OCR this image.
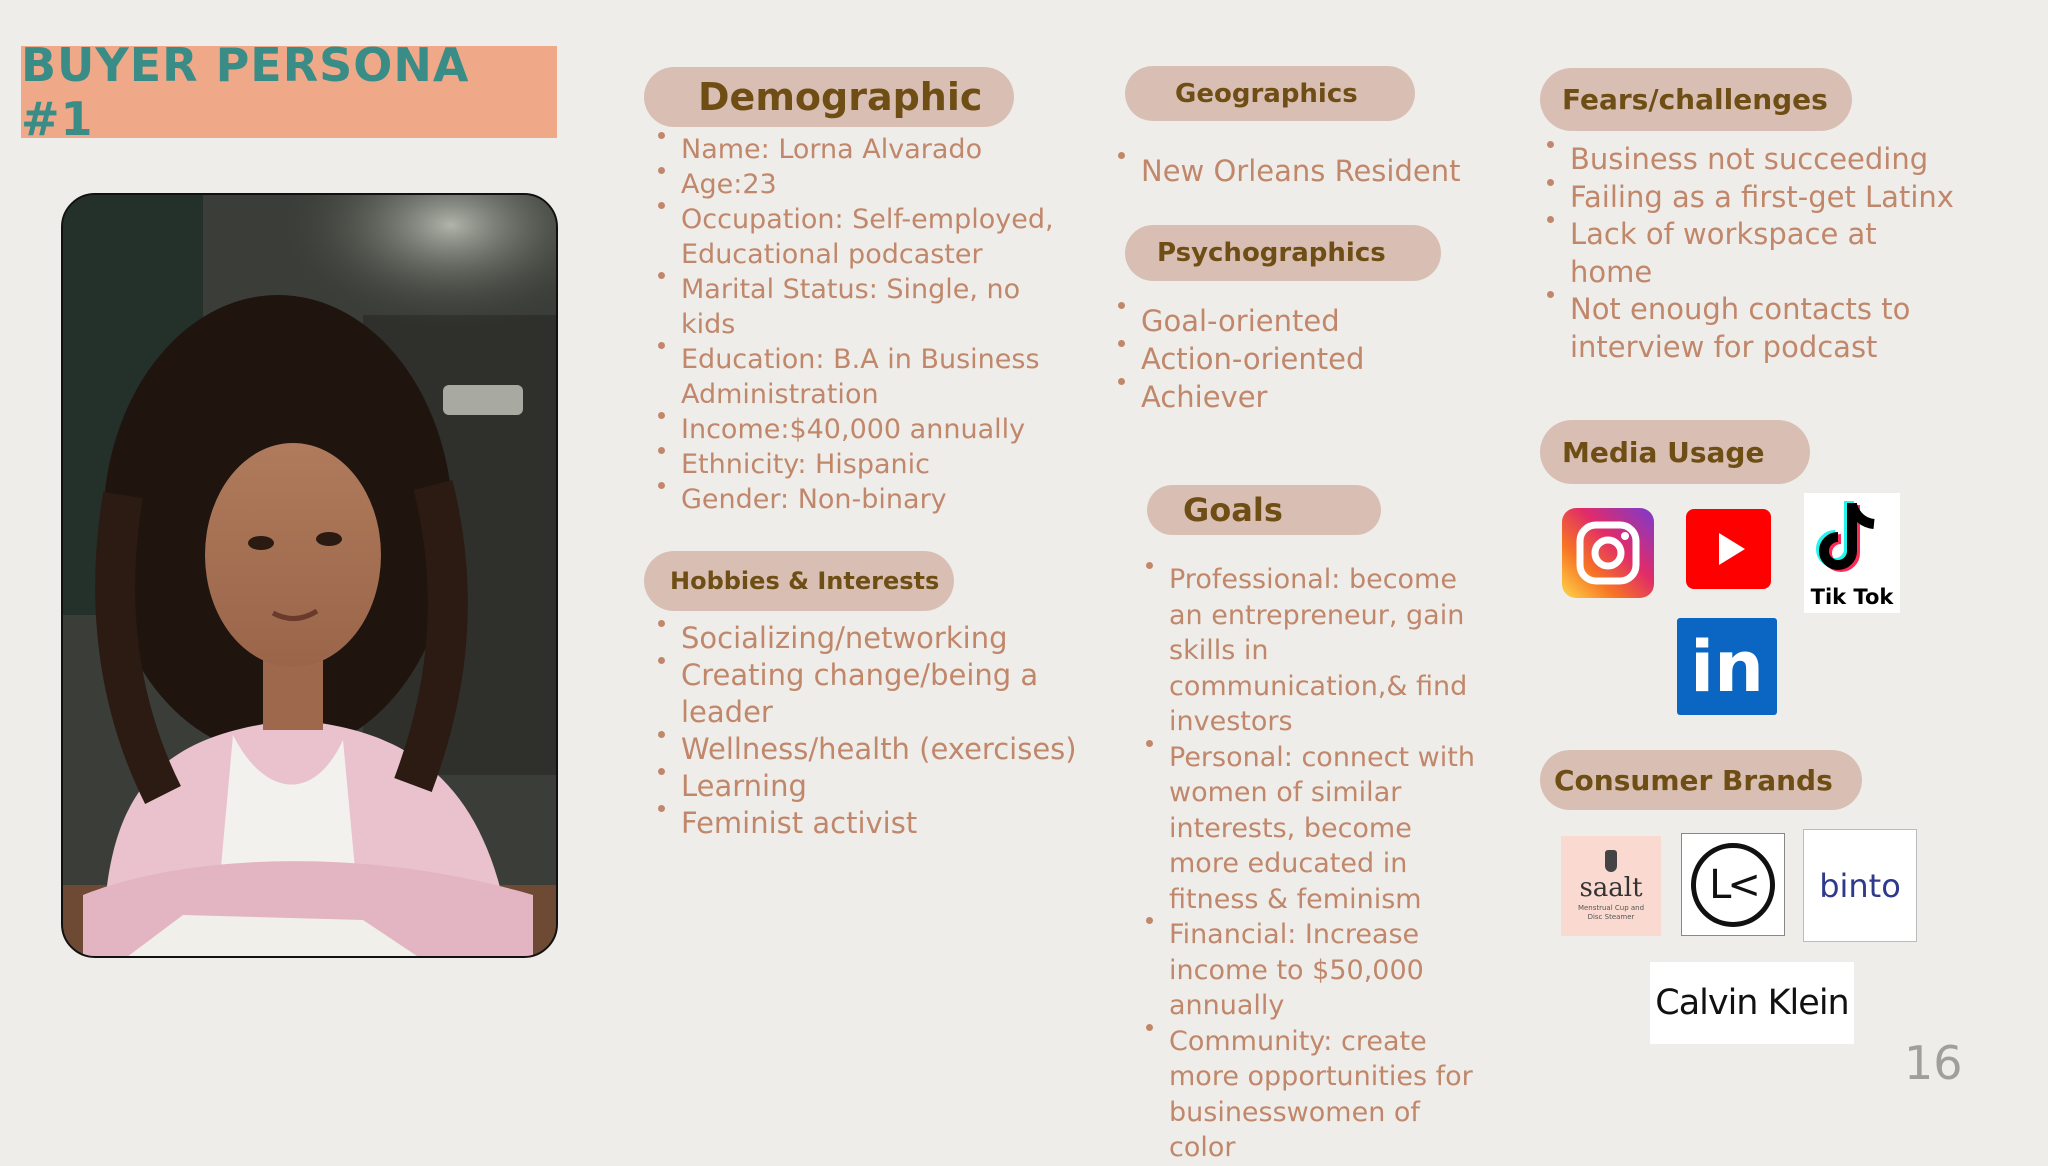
BUYER PERSONA #1	Demographic
Name: Lorna Alvarado
Age:23
Occupation: Self-employed, Educational podcaster
Marital Status: Single, no kids
Education: B.A in Business Administration
Income:$40,000 annually
Ethnicity: Hispanic
Gender: Non-binary
Hobbies & Interests
Socializing/networking
Creating change/being a leader
Wellness/health (exercises)
Learning
Feminist activist
Geographics
New Orleans Resident
Psychographics
Goal-oriented
Action-oriented
Achiever
Goals
Professional: become an entrepreneur, gain skills in communication,& find investors
Personal: connect with women of similar interests, become more educated in fitness & feminism
Financial: Increase income to $50,000 annually
Community: create more opportunities for businesswomen of color
Fears/challenges
Business not succeeding
Failing as a first-get Latinx
Lack of workspace at home
Not enough contacts to interview for podcast
Media Usage
Tik Tok
in
Consumer Brands
saalt
Menstrual Cup and Disc Steamer
L< binto
Calvin Klein
16
